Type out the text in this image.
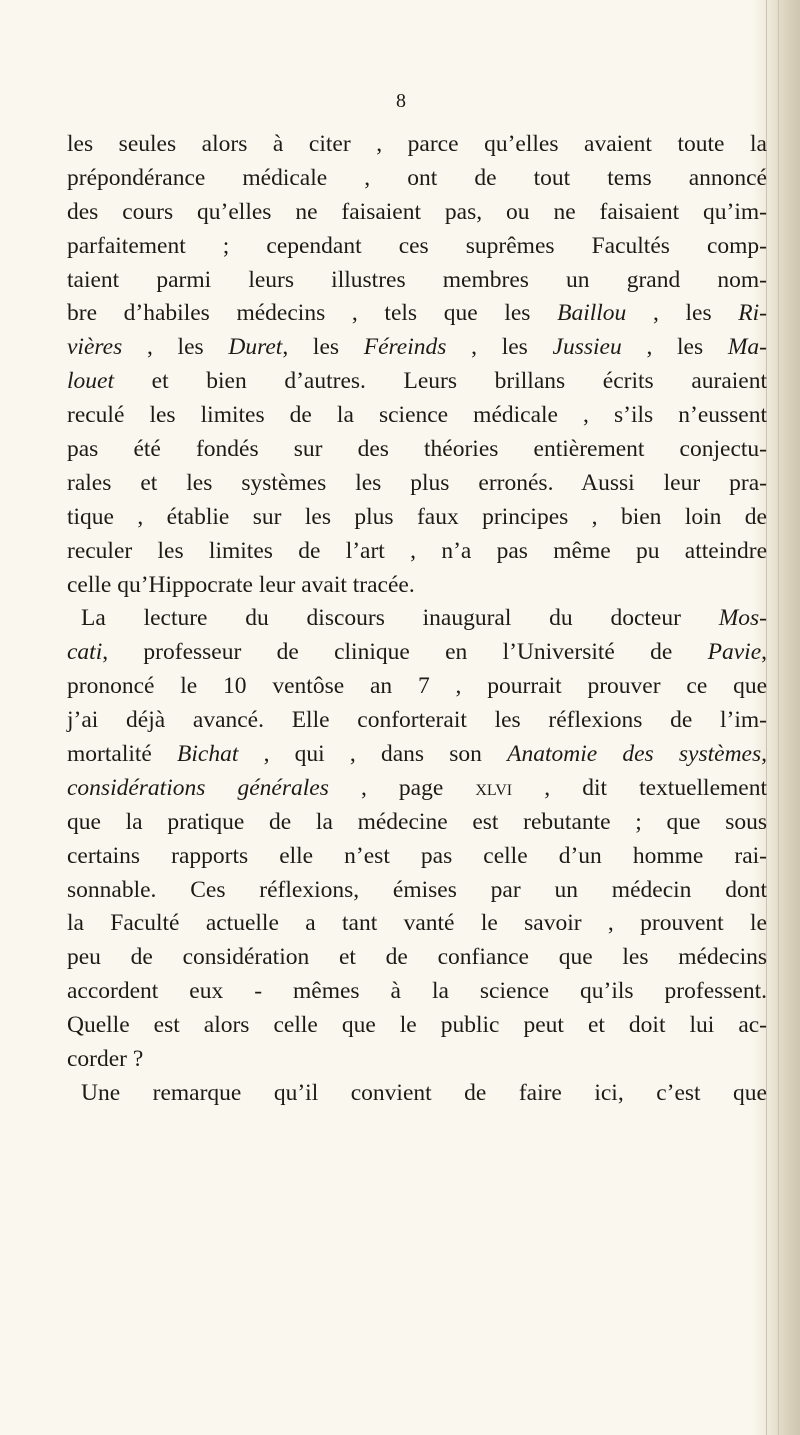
8
les seules alors à citer , parce qu’elles avaient toute la
prépondérance médicale , ont de tout tems annoncé
des cours qu’elles ne faisaient pas, ou ne faisaient qu’im-
parfaitement ; cependant ces suprêmes Facultés comp-
taient parmi leurs illustres membres un grand nom-
bre d’habiles médecins , tels que les Baillou , les Ri-
vières , les Duret, les Féreinds , les Jussieu , les Ma-
louet et bien d’autres. Leurs brillans écrits auraient
reculé les limites de la science médicale , s’ils n’eussent
pas été fondés sur des théories entièrement conjectu-
rales et les systèmes les plus erronés. Aussi leur pra-
tique , établie sur les plus faux principes , bien loin de
reculer les limites de l’art , n’a pas même pu atteindre
celle qu’Hippocrate leur avait tracée.
La lecture du discours inaugural du docteur Mos-
cati, professeur de clinique en l’Université de Pavie,
prononcé le 10 ventôse an 7 , pourrait prouver ce que
j’ai déjà avancé. Elle conforterait les réflexions de l’im-
mortalité Bichat , qui , dans son Anatomie des systèmes,
considérations générales , page xlvi , dit textuellement
que la pratique de la médecine est rebutante ; que sous
certains rapports elle n’est pas celle d’un homme rai-
sonnable. Ces réflexions, émises par un médecin dont
la Faculté actuelle a tant vanté le savoir , prouvent le
peu de considération et de confiance que les médecins
accordent eux - mêmes à la science qu’ils professent.
Quelle est alors celle que le public peut et doit lui ac-
corder ?
Une remarque qu’il convient de faire ici, c’est que
